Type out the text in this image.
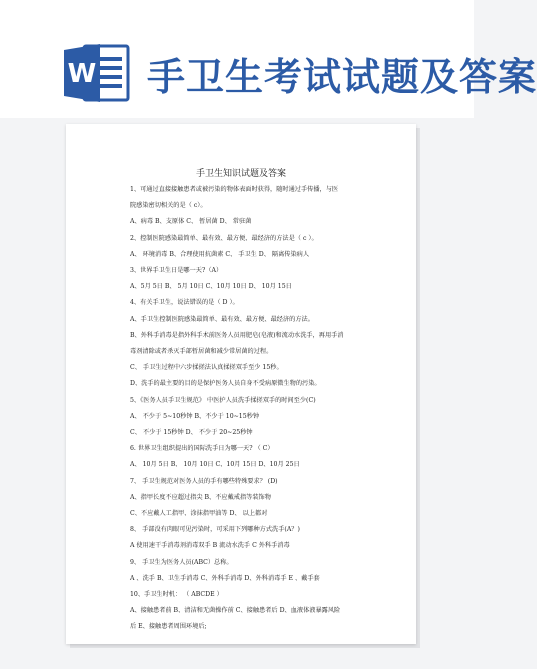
W 手卫生考试试题及答案
手卫生知识试题及答案
1、可通过直接接触患者或被污染的物体表面时获得，随时通过手传播，与医
院感染密切相关的是（ c）。
A、病毒 B、支原体 C、 暂居菌 D、 常驻菌
2、控制医院感染最简单、最有效、最方便、最经济的方法是（ c ）。
A、 环境消毒 B、合理使用抗菌素 C、 手卫生 D、 隔离传染病人
3、世界手卫生日是哪一天?（A）
A、5月 5日 B、 5月 10日 C、10月 10日 D、 10月 15日
4、有关手卫生，说法错误的是（ D ）。
A、手卫生控制医院感染最简单、最有效、最方便、最经济的方法。
B、外科手消毒是指外科手术前医务人员用肥皂(皂液)和流动水洗手，再用手消
毒剂清除或者杀灭手部暂居菌和减少常居菌的过程。
C、 手卫生过程中六步揉搓法认真揉搓双手至少 15秒。
D、洗手的最主要的目的是保护医务人员自身不受病原微生物的污染。
5、《医务人员手卫生规范》 中医护人员洗手揉搓双手的时间至少(C)
A、 不少于 5~10秒钟 B、不少于 10~15秒钟
C、 不少于 15秒钟 D、 不少于 20~25秒钟
6. 世界卫生组织提出的国际洗手日为哪一天? （ C）
A、 10月 5日 B、 10月 10日 C、10月 15日 D、10月 25日
7、 手卫生规范对医务人员的手有哪些特殊要求？ (D)
A、指甲长度不应超过指尖 B、不应戴戒指等装饰物
C、不应戴人工指甲、涂抹指甲油等 D、 以上都对
8、 手部没有肉眼可见污染时，可采用下列哪种方式洗手(A？)
A 使用速干手消毒剂消毒双手 B 流动水洗手 C 外科手消毒
9、 手卫生为医务人员(ABC）总称。
A 、洗手 B、卫生手消毒 C、外科手消毒 D、外科消毒手 E 、戴手套
10、手卫生时机： （ ABCDE ）
A、接触患者前 B、清洁和无菌操作前 C、接触患者后 D、血液体液暴露风险
后 E、接触患者周围环境后;
